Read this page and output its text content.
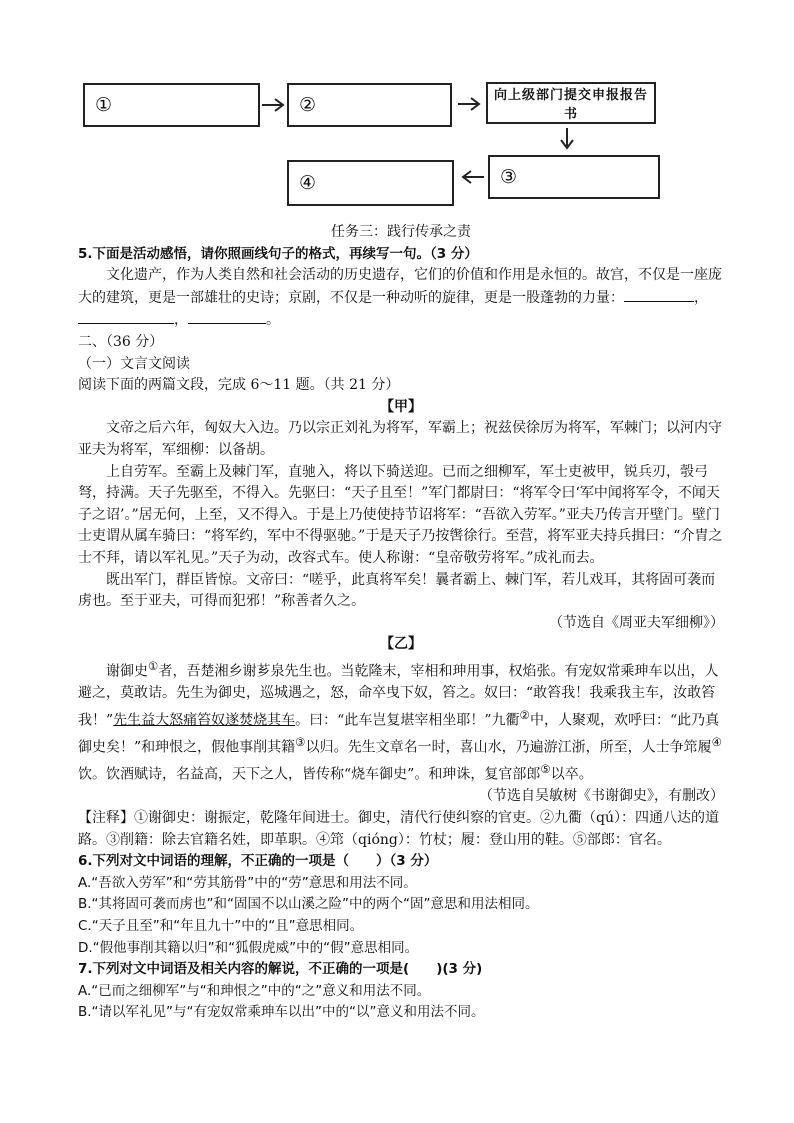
①	②	向上级部门提交申报报告书
③
④

任务三：践行传承之责

5.下面是活动感悟，请你照画线句子的格式，再续写一句。（3 分）

文化遗产，作为人类自然和社会活动的历史遗存，它们的价值和作用是永恒的。故宫，不仅是一座庞大的建筑，更是一部雄壮的史诗；京剧，不仅是一种动听的旋律，更是一股蓬勃的力量：	，，	。

二、（36 分）

（一）文言文阅读

阅读下面的两篇文段，完成 6～11 题。（共 21 分）

【甲】

文帝之后六年，匈奴大入边。乃以宗正刘礼为将军，军霸上；祝兹侯徐厉为将军，军棘门；以河内守亚夫为将军，军细柳：以备胡。

上自劳军。至霸上及棘门军，直驰入，将以下骑送迎。已而之细柳军，军士吏被甲，锐兵刃，彀弓弩，持满。天子先驱至，不得入。先驱曰：“天子且至！”军门都尉曰：“将军令曰‘军中闻将军令，不闻天子之诏’。”居无何，上至，又不得入。于是上乃使使持节诏将军：“吾欲入劳军。”亚夫乃传言开壁门。壁门士吏谓从属车骑曰：“将军约，军中不得驱驰。”于是天子乃按辔徐行。至营，将军亚夫持兵揖曰：“介胄之士不拜，请以军礼见。”天子为动，改容式车。使人称谢：“皇帝敬劳将军。”成礼而去。

既出军门，群臣皆惊。文帝曰：“嗟乎，此真将军矣！曩者霸上、棘门军，若儿戏耳，其将固可袭而虏也。至于亚夫，可得而犯邪！”称善者久之。

（节选自《周亚夫军细柳》）

【乙】

谢御史①者，吾楚湘乡谢芗泉先生也。当乾隆末，宰相和珅用事，权焰张。有宠奴常乘珅车以出，人避之，莫敢诘。先生为御史，巡城遇之，怒，命卒曳下奴，笞之。奴曰：“敢笞我！我乘我主车，汝敢笞我！”先生益大怒痛笞奴遂焚烧其车。曰：“此车岂复堪宰相坐耶！”九衢②中，人聚观，欢呼曰：“此乃真御史矣！”和珅恨之，假他事削其籍③以归。先生文章名一时，喜山水，乃遍游江浙，所至，人士争筇履④饮。饮酒赋诗，名益高，天下之人，皆传称“烧车御史”。和珅诛，复官部郎⑤以卒。

（节选自吴敏树《书谢御史》，有删改）

【注释】①谢御史：谢振定，乾隆年间进士。御史，清代行使纠察的官吏。②九衢（qú）：四通八达的道路。③削籍：除去官籍名姓，即革职。④筇（qióng）：竹杖；履：登山用的鞋。⑤部郎：官名。

6.下列对文中词语的理解，不正确的一项是（　　）（3 分）

A.“吾欲入劳军”和“劳其筋骨”中的“劳”意思和用法不同。

B.“其将固可袭而虏也”和“固国不以山溪之险”中的两个“固”意思和用法相同。

C.“天子且至”和“年且九十”中的“且”意思相同。

D.“假他事削其籍以归”和“狐假虎威”中的“假”意思相同。

7.下列对文中词语及相关内容的解说，不正确的一项是(　　)(3 分)

A.“已而之细柳军”与“和珅恨之”中的“之”意义和用法不同。

B.“请以军礼见”与“有宠奴常乘珅车以出”中的“以”意义和用法不同。
